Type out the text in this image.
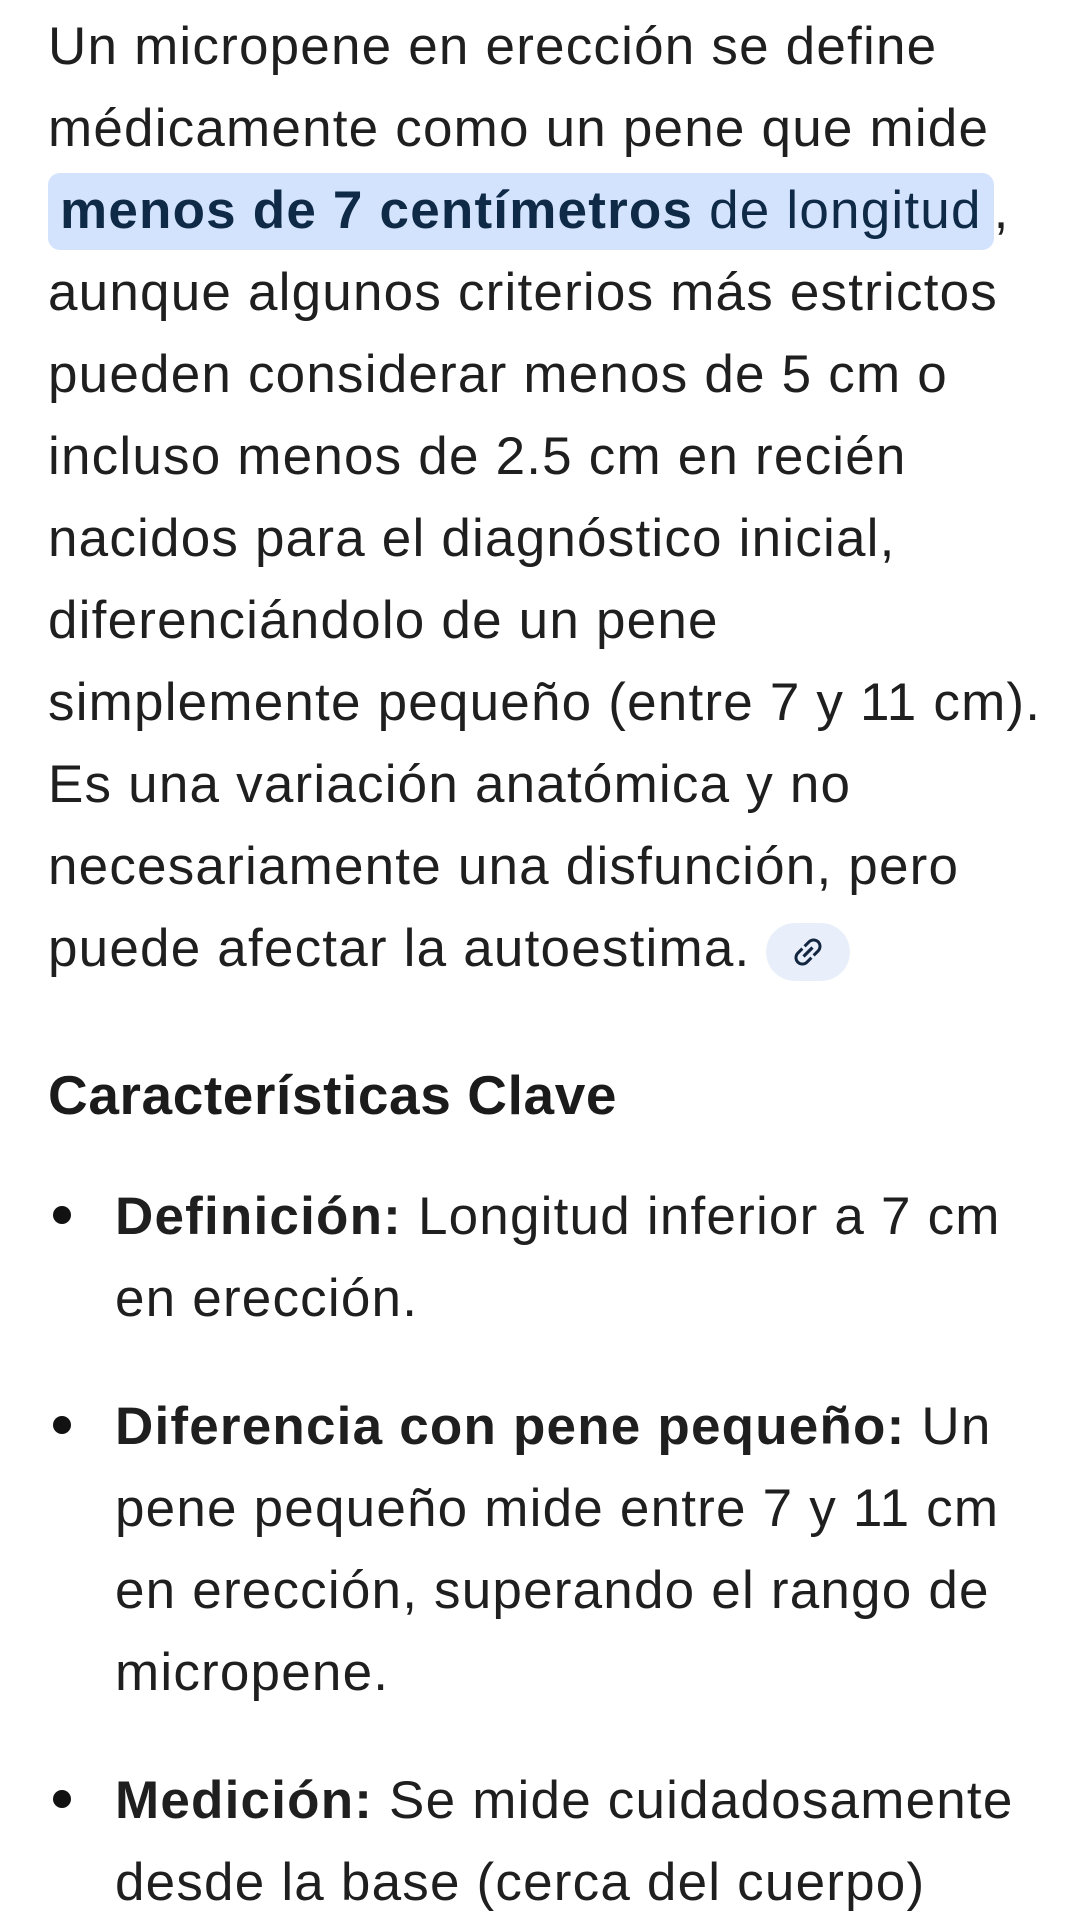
Un micropene en erección se define
médicamente como un pene que mide
menos de 7 centímetros de longitud ,
aunque algunos criterios más estrictos
pueden considerar menos de 5 cm o
incluso menos de 2.5 cm en recién
nacidos para el diagnóstico inicial,
diferenciándolo de un pene
simplemente pequeño (entre 7 y 11 cm).
Es una variación anatómica y no
necesariamente una disfunción, pero
puede afectar la autoestima.
Características Clave
Definición: Longitud inferior a 7 cm
en erección.
Diferencia con pene pequeño: Un
pene pequeño mide entre 7 y 11 cm
en erección, superando el rango de
micropene.
Medición: Se mide cuidadosamente
desde la base (cerca del cuerpo)
